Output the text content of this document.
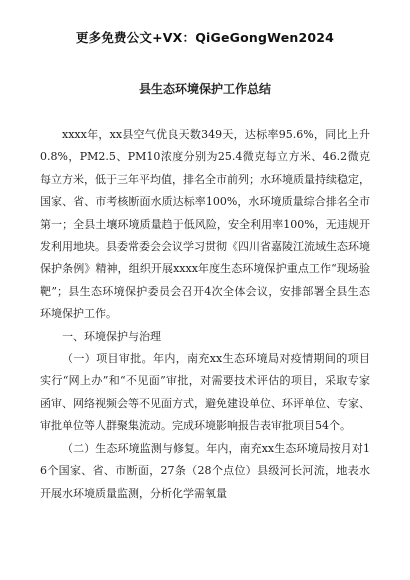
更多免费公文+VX：QiGeGongWen2024
县生态环境保护工作总结

xxxx年，xx县空气优良天数349天，达标率95.6%，同比上升0.8%，PM2.5、PM10浓度分别为25.4微克每立方米、46.2微克每立方米，低于三年平均值，排名全市前列；水环境质量持续稳定，国家、省、市考核断面水质达标率100%，水环境质量综合排名全市第一；全县土壤环境质量趋于低风险，安全利用率100%，无违规开发利用地块。县委常委会会议学习贯彻《四川省嘉陵江流域生态环境保护条例》精神，组织开展xxxx年度生态环境保护重点工作“现场验靶”；县生态环境保护委员会召开4次全体会议，安排部署全县生态环境保护工作。

一、环境保护与治理

（一）项目审批。年内，南充xx生态环境局对疫情期间的项目实行“网上办”和“不见面”审批，对需要技术评估的项目，采取专家函审、网络视频会等不见面方式，避免建设单位、环评单位、专家、审批单位等人群聚集流动。完成环境影响报告表审批项目54个。

（二）生态环境监测与修复。年内，南充xx生态环境局按月对16个国家、省、市断面，27条（28个点位）县级河长河流，地表水开展水环境质量监测，分析化学需氧量
